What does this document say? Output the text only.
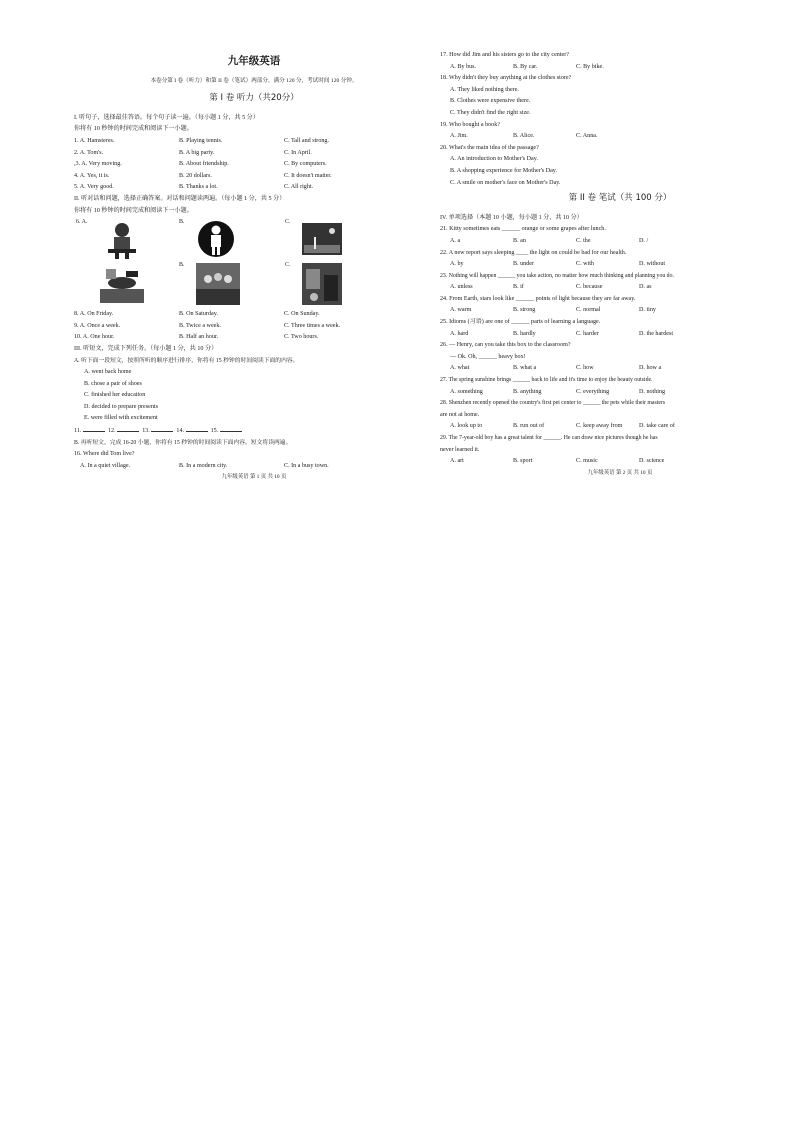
九年级英语
本卷分第 I 卷（听力）和第 II 卷（笔试）两部分，满分 120 分，考试时间 120 分钟。
第 I 卷 听力（共20分）
I. 听句子，选择最佳答语。每个句子读一遍。（每小题 1 分，共 5 分）
你将有 10 秒钟的时间完成和阅读下一小题。
1. A. Hamsteres.	B. Playing tennis.	C. Tall and strong.
2. A. Tom's.	B. A big party.	C. In April.
,3. A. Very moving.	B. About friendship.	C. By computers.
4. A. Yes, it is.	B. 20 dollars.	C. It doesn't matter.
5. A. Very good.	B. Thanks a lot.	C. All right.
II. 听对话和问题，选择正确答案。对话和问题读两遍。（每小题 1 分，共 5 分）
你将有 10 秒钟的时间完成和阅读下一小题。
6. A.	B.	C.
B.	C.
8. A. On Friday.	B. On Saturday.	C. On Sunday.
9. A. Once a week.	B. Twice a week.	C. Three times a week.
10. A. One hour.	B. Half an hour.	C. Two hours.
III. 听短文，完成下列任务。（每小题 1 分，共 10 分）
A. 听下面一段短文，按照所听的顺序进行排序，你将有 15 秒钟的时间阅读下面的内容。
A. went back home
B. chose a pair of shoes
C. finished her education
D. decided to prepare presents
E. were filled with excitement
11.	12.	13.	14.	15.
B. 再听短文，完成 16-20 小题，你将有 15 秒钟的时间阅读下面内容。短文将读两遍。
16. Where did Tom live?
A. In a quiet village.	B. In a modern city.	C. In a busy town.
九年级英语 第 1 页 共 10 页
17. How did Jim and his sisters go to the city center?
A. By bus.	B. By car.	C. By bike.
18. Why didn't they buy anything at the clothes store?
A. They liked nothing there.
B. Clothes were expensive there.
C. They didn't find the right size.
19. Who bought a book?
A. Jim.	B. Alice.	C. Anna.
20. What's the main idea of the passage?
A. An introduction to Mother's Day.
B. A shopping experience for Mother's Day.
C. A smile on mother's face on Mother's Day.
第 II 卷 笔试（共 100 分）
IV. 单项选择（本题 10 小题，每小题 1 分，共 10 分）
21. Kitty sometimes eats ______ orange or some grapes after lunch.
A. a	B. an	C. the	D. /
22. A new report says sleeping ____ the light on could be bad for our health.
A. by	B. under	C. with	D. without
23. Nothing will happen ______ you take action, no matter how much thinking and planning you do.
A. unless	B. if	C. because	D. as
24. From Earth, stars look like ______ points of light because they are far away.
A. warm	B. strong	C. normal	D. tiny
25. Idioms (习语) are one of ______ parts of learning a language.
A. hard	B. hardly	C. harder	D. the hardest
26. — Henry, can you take this box to the classroom?
— Ok. Oh, ______ heavy box!
A. what	B. what a	C. how	D. how a
27. The spring sunshine brings ______ back to life and it's time to enjoy the beauty outside.
A. something	B. anything	C. everything	D. nothing
28. Shenzhen recently opened the country's first pet center to ______ the pets while their masters
are not at home.
A. look up to	B. run out of	C. keep away from	D. take care of
29. The 7-year-old boy has a great talent for ______. He can draw nice pictures though he has
never learned it.
A. art	B. sport	C. music	D. science
九年级英语 第 2 页 共 10 页
